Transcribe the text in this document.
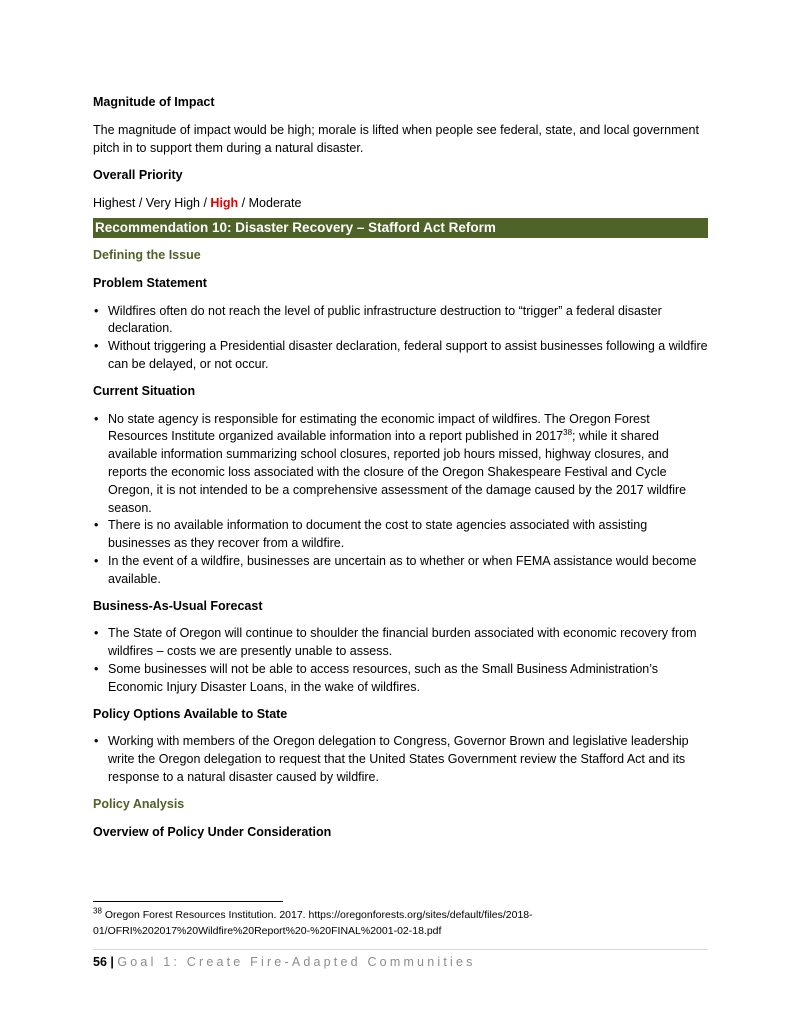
Magnitude of Impact

The magnitude of impact would be high; morale is lifted when people see federal, state, and local government pitch in to support them during a natural disaster.

Overall Priority

Highest / Very High / High / Moderate

Recommendation 10: Disaster Recovery – Stafford Act Reform

Defining the Issue

Problem Statement

• Wildfires often do not reach the level of public infrastructure destruction to “trigger” a federal disaster declaration.
• Without triggering a Presidential disaster declaration, federal support to assist businesses following a wildfire can be delayed, or not occur.

Current Situation

• No state agency is responsible for estimating the economic impact of wildfires. The Oregon Forest Resources Institute organized available information into a report published in 2017$^{38}$; while it shared available information summarizing school closures, reported job hours missed, highway closures, and reports the economic loss associated with the closure of the Oregon Shakespeare Festival and Cycle Oregon, it is not intended to be a comprehensive assessment of the damage caused by the 2017 wildfire season.
• There is no available information to document the cost to state agencies associated with assisting businesses as they recover from a wildfire.
• In the event of a wildfire, businesses are uncertain as to whether or when FEMA assistance would become available.

Business-As-Usual Forecast

• The State of Oregon will continue to shoulder the financial burden associated with economic recovery from wildfires – costs we are presently unable to assess.
• Some businesses will not be able to access resources, such as the Small Business Administration’s Economic Injury Disaster Loans, in the wake of wildfires.

Policy Options Available to State

• Working with members of the Oregon delegation to Congress, Governor Brown and legislative leadership write the Oregon delegation to request that the United States Government review the Stafford Act and its response to a natural disaster caused by wildfire.

Policy Analysis

Overview of Policy Under Consideration

$^{38}$ Oregon Forest Resources Institution. 2017. https://oregonforests.org/sites/default/files/2018-01/OFRI%202017%20Wildfire%20Report%20-%20FINAL%2001-02-18.pdf
56 | Goal 1: Create Fire-Adapted Communities
